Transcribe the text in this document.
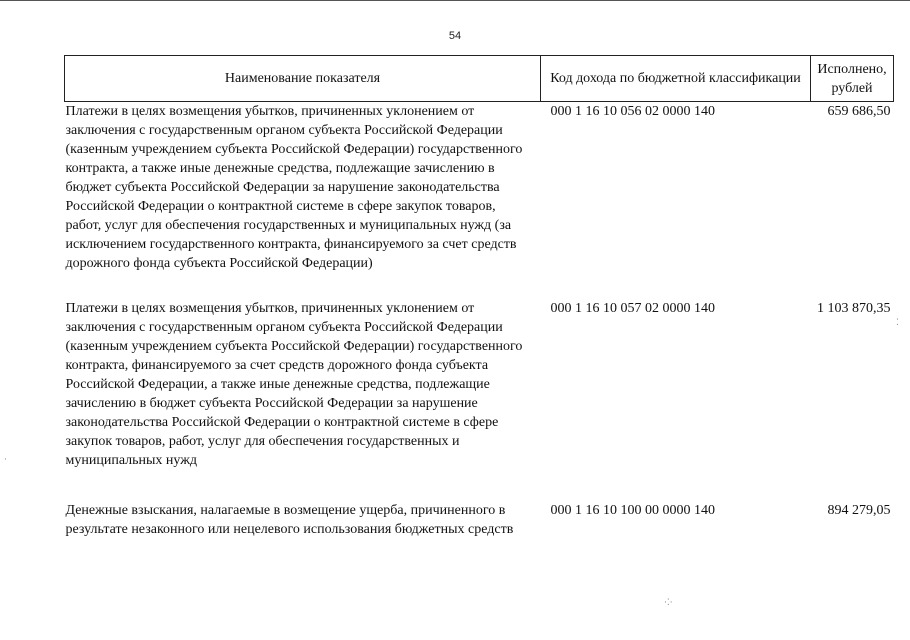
54
Наименование показателя	Код дохода по бюджетной классификации	Исполнено, рублей
Платежи в целях возмещения убытков, причиненных уклонением от заключения с государственным органом субъекта Российской Федерации (казенным учреждением субъекта Российской Федерации) государственного контракта, а также иные денежные средства, подлежащие зачислению в бюджет субъекта Российской Федерации за нарушение законодательства Российской Федерации о контрактной системе в сфере закупок товаров, работ, услуг для обеспечения государственных и муниципальных нужд (за исключением государственного контракта, финансируемого за счет средств дорожного фонда субъекта Российской Федерации)	000 1 16 10 056 02 0000 140	659 686,50
Платежи в целях возмещения убытков, причиненных уклонением от заключения с государственным органом субъекта Российской Федерации (казенным учреждением субъекта Российской Федерации) государственного контракта, финансируемого за счет средств дорожного фонда субъекта Российской Федерации, а также иные денежные средства, подлежащие зачислению в бюджет субъекта Российской Федерации за нарушение законодательства Российской Федерации о контрактной системе в сфере закупок товаров, работ, услуг для обеспечения государственных и муниципальных нужд	000 1 16 10 057 02 0000 140	1 103 870,35
Денежные взыскания, налагаемые в возмещение ущерба, причиненного в результате незаконного или нецелевого использования бюджетных средств	000 1 16 10 100 00 0000 140	894 279,05
⁚
·⁚·
·
